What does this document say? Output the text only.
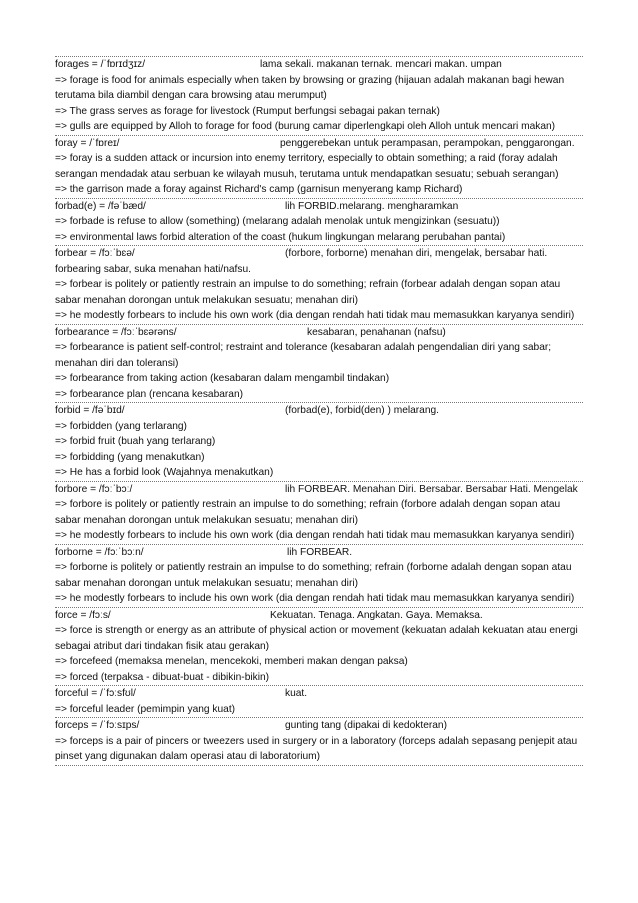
forages = /ˈfɒrɪdʒɪz/	lama sekali. makanan ternak. mencari makan. umpan
=> forage is food for animals especially when taken by browsing or grazing (hijauan adalah makanan bagi hewan terutama bila diambil dengan cara browsing atau merumput)
=> The grass serves as forage for livestock (Rumput berfungsi sebagai pakan ternak)
=> gulls are equipped by Alloh to forage for food (burung camar diperlengkapi oleh Alloh untuk mencari makan)
foray = /ˈfɒreɪ/	penggerebekan untuk perampasan, perampokan, penggarongan.
=> foray is a sudden attack or incursion into enemy territory, especially to obtain something; a raid (foray adalah serangan mendadak atau serbuan ke wilayah musuh, terutama untuk mendapatkan sesuatu; sebuah serangan)
=> the garrison made a foray against Richard's camp (garnisun menyerang kamp Richard)
forbad(e) = /fəˈbæd/	lih FORBID.melarang. mengharamkan
=> forbade is refuse to allow (something) (melarang adalah menolak untuk mengizinkan (sesuatu))
=> environmental laws forbid alteration of the coast (hukum lingkungan melarang perubahan pantai)
forbear = /fɔːˈbɛə/	(forbore, forborne) menahan diri, mengelak, bersabar hati. forbearing sabar, suka menahan hati/nafsu.
=> forbear is politely or patiently restrain an impulse to do something; refrain (forbear adalah dengan sopan atau sabar menahan dorongan untuk melakukan sesuatu; menahan diri)
=> he modestly forbears to include his own work (dia dengan rendah hati tidak mau memasukkan karyanya sendiri)
forbearance = /fɔːˈbɛərəns/	kesabaran, penahanan (nafsu)
=> forbearance is patient self-control; restraint and tolerance (kesabaran adalah pengendalian diri yang sabar; menahan diri dan toleransi)
=> forbearance from taking action (kesabaran dalam mengambil tindakan)
=> forbearance plan (rencana kesabaran)
forbid = /fəˈbɪd/	(forbad(e), forbid(den) ) melarang.
=> forbidden (yang terlarang)
=> forbid fruit (buah yang terlarang)
=> forbidding (yang menakutkan)
=> He has a forbid look (Wajahnya menakutkan)
forbore = /fɔːˈbɔː/	lih FORBEAR. Menahan Diri. Bersabar. Bersabar Hati. Mengelak
=> forbore is politely or patiently restrain an impulse to do something; refrain (forbore adalah dengan sopan atau sabar menahan dorongan untuk melakukan sesuatu; menahan diri)
=> he modestly forbears to include his own work (dia dengan rendah hati tidak mau memasukkan karyanya sendiri)
forborne = /fɔːˈbɔːn/	lih FORBEAR.
=> forborne is politely or patiently restrain an impulse to do something; refrain (forborne adalah dengan sopan atau sabar menahan dorongan untuk melakukan sesuatu; menahan diri)
=> he modestly forbears to include his own work (dia dengan rendah hati tidak mau memasukkan karyanya sendiri)
force = /fɔːs/	Kekuatan. Tenaga. Angkatan. Gaya. Memaksa.
=> force is strength or energy as an attribute of physical action or movement (kekuatan adalah kekuatan atau energi sebagai atribut dari tindakan fisik atau gerakan)
=> forcefeed (memaksa menelan, mencekoki, memberi makan dengan paksa)
=> forced (terpaksa - dibuat-buat - dibikin-bikin)
forceful = /ˈfɔːsfʊl/	kuat.
=> forceful leader (pemimpin yang kuat)
forceps = /ˈfɔːsɪps/	gunting tang (dipakai di kedokteran)
=> forceps is a pair of pincers or tweezers used in surgery or in a laboratory (forceps adalah sepasang penjepit atau pinset yang digunakan dalam operasi atau di laboratorium)
